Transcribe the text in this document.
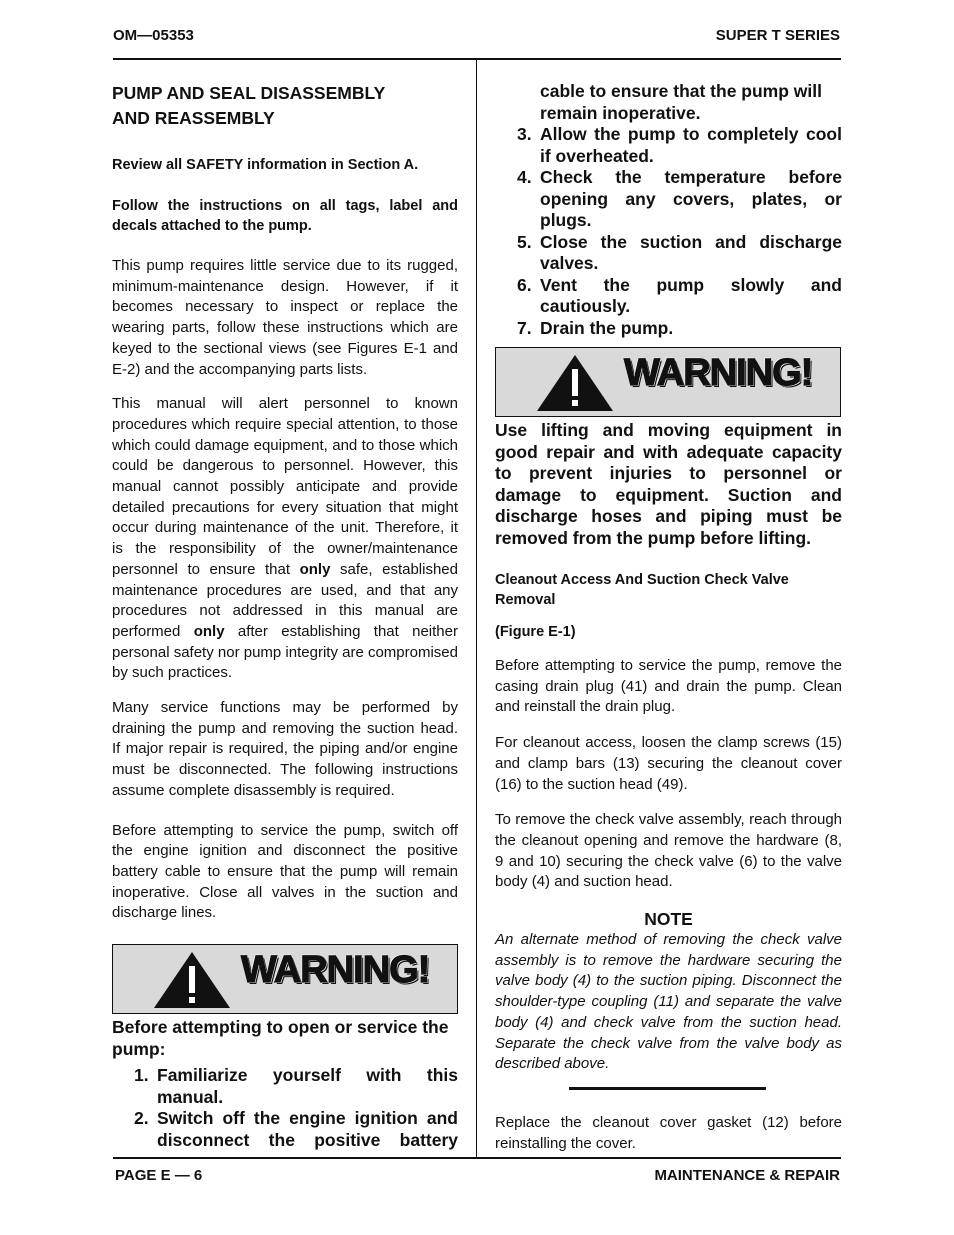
OM—05353	SUPER T SERIES
PUMP AND SEAL DISASSEMBLY
AND REASSEMBLY
Review all SAFETY information in Section A.
Follow the instructions on all tags, label and decals attached to the pump.

This pump requires little service due to its rugged, minimum-maintenance design. However, if it becomes necessary to inspect or replace the wearing parts, follow these instructions which are keyed to the sectional views (see Figures E-1 and E-2) and the accompanying parts lists.

This manual will alert personnel to known procedures which require special attention, to those which could damage equipment, and to those which could be dangerous to personnel. However, this manual cannot possibly anticipate and provide detailed precautions for every situation that might occur during maintenance of the unit. Therefore, it is the responsibility of the owner/maintenance personnel to ensure that only safe, established maintenance procedures are used, and that any procedures not addressed in this manual are performed only after establishing that neither personal safety nor pump integrity are compromised by such practices.

Many service functions may be performed by draining the pump and removing the suction head. If major repair is required, the piping and/or engine must be disconnected. The following instructions assume complete disassembly is required.

Before attempting to service the pump, switch off the engine ignition and disconnect the positive battery cable to ensure that the pump will remain inoperative. Close all valves in the suction and discharge lines.

WARNING!
Before attempting to open or service the pump:
1. Familiarize yourself with this manual.
2. Switch off the engine ignition and disconnect the positive battery
cable to ensure that the pump will remain inoperative.
3. Allow the pump to completely cool if overheated.
4. Check the temperature before opening any covers, plates, or plugs.
5. Close the suction and discharge valves.
6. Vent the pump slowly and cautiously.
7. Drain the pump.
WARNING!

Use lifting and moving equipment in good repair and with adequate capacity to prevent injuries to personnel or damage to equipment. Suction and discharge hoses and piping must be removed from the pump before lifting.

Cleanout Access And Suction Check Valve Removal
(Figure E-1)

Before attempting to service the pump, remove the casing drain plug (41) and drain the pump. Clean and reinstall the drain plug.

For cleanout access, loosen the clamp screws (15) and clamp bars (13) securing the cleanout cover (16) to the suction head (49).

To remove the check valve assembly, reach through the cleanout opening and remove the hardware (8, 9 and 10) securing the check valve (6) to the valve body (4) and suction head.

NOTE

An alternate method of removing the check valve assembly is to remove the hardware securing the valve body (4) to the suction piping. Disconnect the shoulder-type coupling (11) and separate the valve body (4) and check valve from the suction head. Separate the check valve from the valve body as described above.

Replace the cleanout cover gasket (12) before reinstalling the cover.

PAGE E — 6	MAINTENANCE & REPAIR
